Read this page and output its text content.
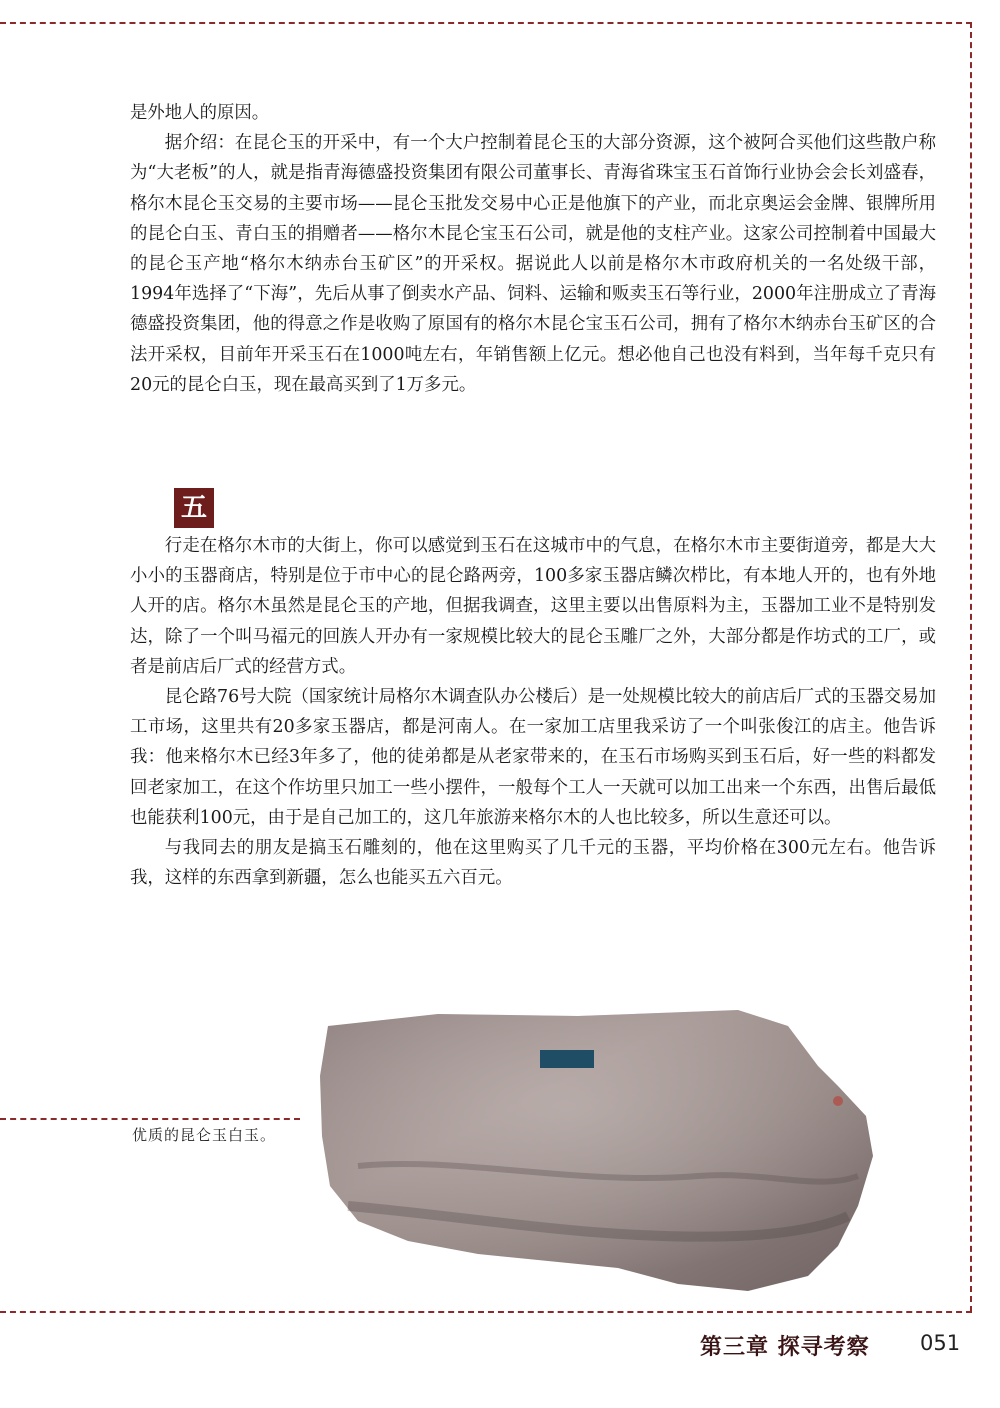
是外地人的原因。

据介绍：在昆仑玉的开采中，有一个大户控制着昆仑玉的大部分资源，这个被阿合买他们这些散户称为“大老板”的人，就是指青海德盛投资集团有限公司董事长、青海省珠宝玉石首饰行业协会会长刘盛春，格尔木昆仑玉交易的主要市场——昆仑玉批发交易中心正是他旗下的产业，而北京奥运会金牌、银牌所用的昆仑白玉、青白玉的捐赠者——格尔木昆仑宝玉石公司，就是他的支柱产业。这家公司控制着中国最大的昆仑玉产地“格尔木纳赤台玉矿区”的开采权。据说此人以前是格尔木市政府机关的一名处级干部，1994年选择了“下海”，先后从事了倒卖水产品、饲料、运输和贩卖玉石等行业，2000年注册成立了青海德盛投资集团，他的得意之作是收购了原国有的格尔木昆仑宝玉石公司，拥有了格尔木纳赤台玉矿区的合法开采权，目前年开采玉石在1000吨左右，年销售额上亿元。想必他自己也没有料到，当年每千克只有20元的昆仑白玉，现在最高买到了1万多元。

五

行走在格尔木市的大街上，你可以感觉到玉石在这城市中的气息，在格尔木市主要街道旁，都是大大小小的玉器商店，特别是位于市中心的昆仑路两旁，100多家玉器店鳞次栉比，有本地人开的，也有外地人开的店。格尔木虽然是昆仑玉的产地，但据我调查，这里主要以出售原料为主，玉器加工业不是特别发达，除了一个叫马福元的回族人开办有一家规模比较大的昆仑玉雕厂之外，大部分都是作坊式的工厂，或者是前店后厂式的经营方式。

昆仑路76号大院（国家统计局格尔木调查队办公楼后）是一处规模比较大的前店后厂式的玉器交易加工市场，这里共有20多家玉器店，都是河南人。在一家加工店里我采访了一个叫张俊江的店主。他告诉我：他来格尔木已经3年多了，他的徒弟都是从老家带来的，在玉石市场购买到玉石后，好一些的料都发回老家加工，在这个作坊里只加工一些小摆件，一般每个工人一天就可以加工出来一个东西，出售后最低也能获利100元，由于是自己加工的，这几年旅游来格尔木的人也比较多，所以生意还可以。

与我同去的朋友是搞玉石雕刻的，他在这里购买了几千元的玉器，平均价格在300元左右。他告诉我，这样的东西拿到新疆，怎么也能买五六百元。

优质的昆仑玉白玉。
第三章 探寻考察 051
